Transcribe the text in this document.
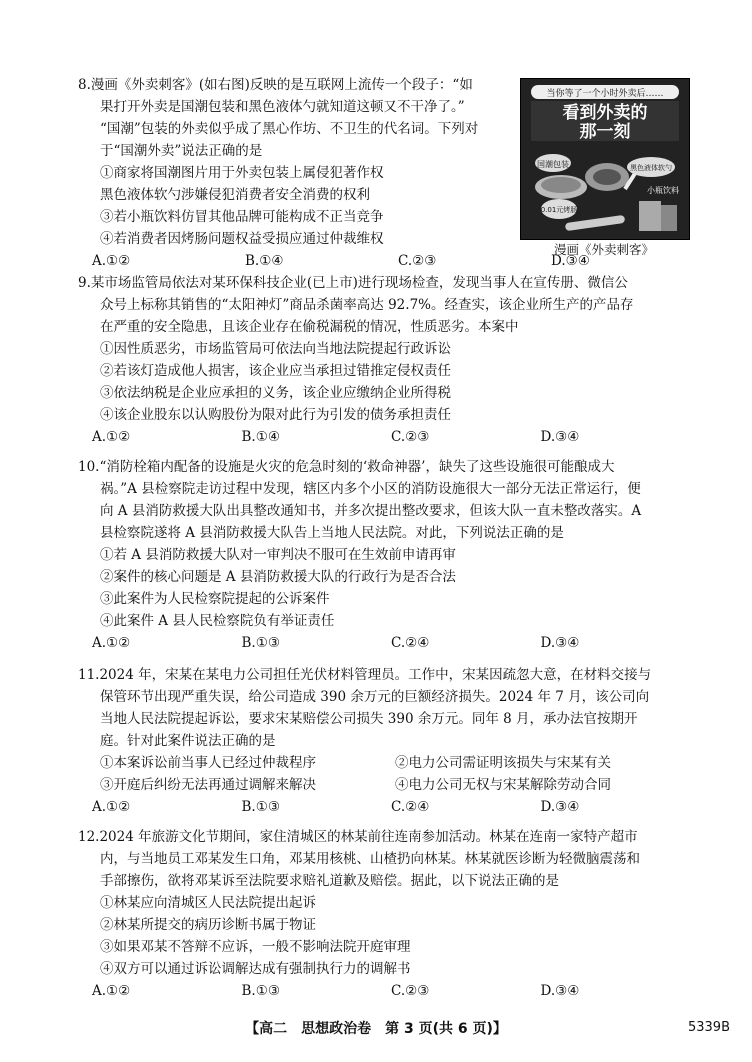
8.漫画《外卖刺客》(如右图)反映的是互联网上流传一个段子：“如
果打开外卖是国潮包装和黑色液体勺就知道这顿又不干净了。”
“国潮”包装的外卖似乎成了黑心作坊、不卫生的代名词。下列对
于“国潮外卖”说法正确的是
①商家将国潮图片用于外卖包装上属侵犯著作权
黑色液体软勺涉嫌侵犯消费者安全消费的权利
③若小瓶饮料仿冒其他品牌可能构成不正当竞争
④若消费者因烤肠问题权益受损应通过仲裁维权
A.①②	B.①④	C.②③	D.③④
当你等了一个小时外卖后……
看到外卖的
那一刻
国潮包装	黑色液体软勺
0.01元烤肠
小瓶饮料
漫画《外卖刺客》
9.某市场监管局依法对某环保科技企业(已上市)进行现场检查，发现当事人在宣传册、微信公
众号上标称其销售的“太阳神灯”商品杀菌率高达 92.7%。经查实，该企业所生产的产品存
在严重的安全隐患，且该企业存在偷税漏税的情况，性质恶劣。本案中
①因性质恶劣，市场监管局可依法向当地法院提起行政诉讼
②若该灯造成他人损害，该企业应当承担过错推定侵权责任
③依法纳税是企业应承担的义务，该企业应缴纳企业所得税
④该企业股东以认购股份为限对此行为引发的债务承担责任
A.①②	B.①④	C.②③	D.③④
10.“消防栓箱内配备的设施是火灾的危急时刻的‘救命神器’，缺失了这些设施很可能酿成大
祸。”A 县检察院走访过程中发现，辖区内多个小区的消防设施很大一部分无法正常运行，便
向 A 县消防救援大队出具整改通知书，并多次提出整改要求，但该大队一直未整改落实。A
县检察院遂将 A 县消防救援大队告上当地人民法院。对此，下列说法正确的是
①若 A 县消防救援大队对一审判决不服可在生效前申请再审
②案件的核心问题是 A 县消防救援大队的行政行为是否合法
③此案件为人民检察院提起的公诉案件
④此案件 A 县人民检察院负有举证责任
A.①②	B.①③	C.②④	D.③④
11.2024 年，宋某在某电力公司担任光伏材料管理员。工作中，宋某因疏忽大意，在材料交接与
保管环节出现严重失误，给公司造成 390 余万元的巨额经济损失。2024 年 7 月，该公司向
当地人民法院提起诉讼，要求宋某赔偿公司损失 390 余万元。同年 8 月，承办法官按期开
庭。针对此案件说法正确的是
①本案诉讼前当事人已经过仲裁程序	②电力公司需证明该损失与宋某有关
③开庭后纠纷无法再通过调解来解决	④电力公司无权与宋某解除劳动合同
A.①②	B.①③	C.②④	D.③④
12.2024 年旅游文化节期间，家住清城区的林某前往连南参加活动。林某在连南一家特产超市
内，与当地员工邓某发生口角，邓某用核桃、山楂扔向林某。林某就医诊断为轻微脑震荡和
手部擦伤，欲将邓某诉至法院要求赔礼道歉及赔偿。据此，以下说法正确的是
①林某应向清城区人民法院提出起诉
②林某所提交的病历诊断书属于物证
③如果邓某不答辩不应诉，一般不影响法院开庭审理
④双方可以通过诉讼调解达成有强制执行力的调解书
A.①②	B.①③	C.②③	D.③④
【高二　思想政治卷　第 3 页(共 6 页)】	5339B
